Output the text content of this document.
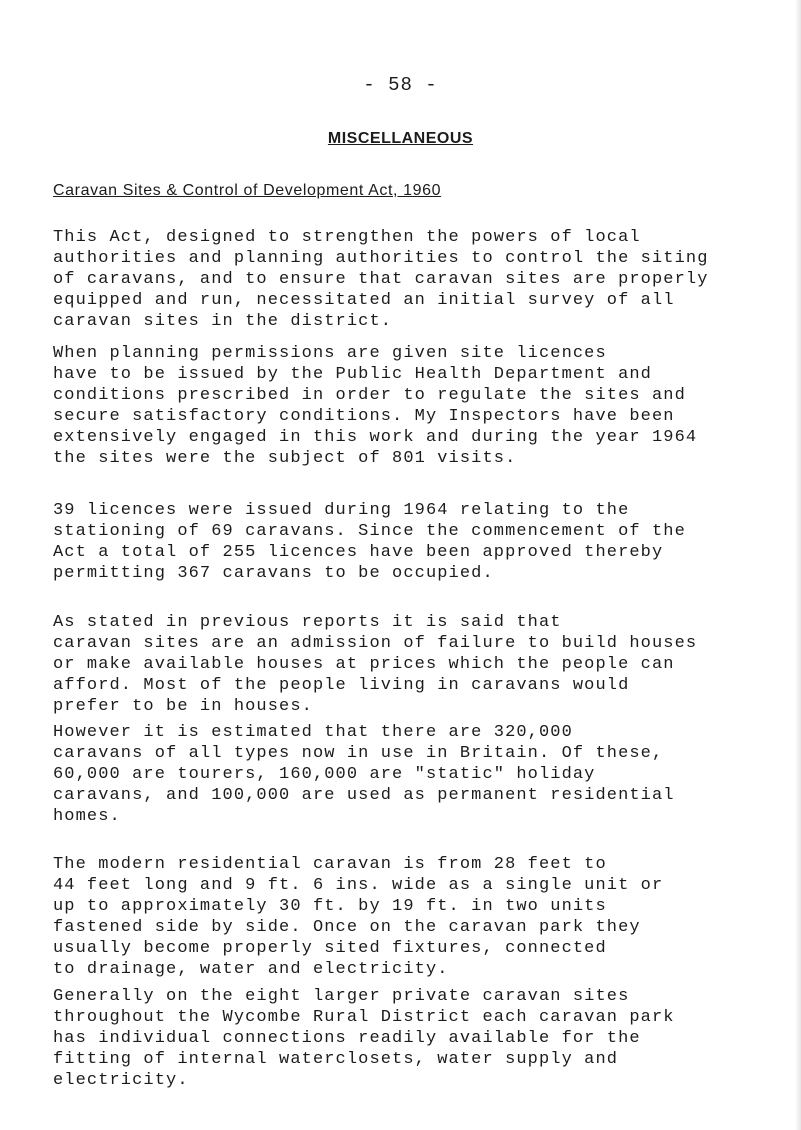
- 58 -
MISCELLANEOUS
Caravan Sites & Control of Development Act, 1960
This Act, designed to strengthen the powers of local
authorities and planning authorities to control the siting
of caravans, and to ensure that caravan sites are properly
equipped and run, necessitated an initial survey of all
caravan sites in the district.
When planning permissions are given site licences
have to be issued by the Public Health Department and
conditions prescribed in order to regulate the sites and
secure satisfactory conditions. My Inspectors have been
extensively engaged in this work and during the year 1964
the sites were the subject of 801 visits.
39 licences were issued during 1964 relating to the
stationing of 69 caravans. Since the commencement of the
Act a total of 255 licences have been approved thereby
permitting 367 caravans to be occupied.
As stated in previous reports it is said that
caravan sites are an admission of failure to build houses
or make available houses at prices which the people can
afford. Most of the people living in caravans would
prefer to be in houses.
However it is estimated that there are 320,000
caravans of all types now in use in Britain. Of these,
60,000 are tourers, 160,000 are "static" holiday
caravans, and 100,000 are used as permanent residential
homes.
The modern residential caravan is from 28 feet to
44 feet long and 9 ft. 6 ins. wide as a single unit or
up to approximately 30 ft. by 19 ft. in two units
fastened side by side. Once on the caravan park they
usually become properly sited fixtures, connected
to drainage, water and electricity.
Generally on the eight larger private caravan sites
throughout the Wycombe Rural District each caravan park
has individual connections readily available for the
fitting of internal waterclosets, water supply and
electricity.
